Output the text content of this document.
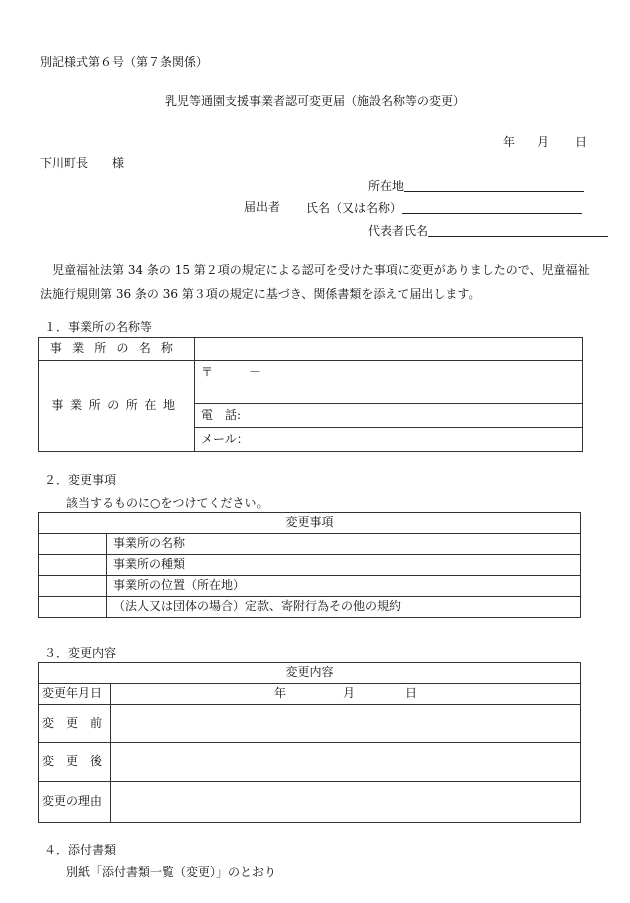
別記様式第６号（第７条関係）
乳児等通園支援事業者認可変更届（施設名称等の変更）
年 月 日
下川町長　　様
所在地
届出者 氏名（又は名称）
代表者氏名
児童福祉法第 34 条の 15 第２項の規定による認可を受けた事項に変更がありましたので、児童福祉法施行規則第 36 条の 36 第３項の規定に基づき、関係書類を添えて届出します。
１．事業所の名称等
事業所の名称	
事業所の所在地	〒　　　－
	電　話:
	メール：
２．変更事項
該当するものに○をつけてください。
変更事項	
	事業所の名称
	事業所の種類
	事業所の位置（所在地）
	（法人又は団体の場合）定款、寄附行為その他の規約
３．変更内容
変更内容	
変更年月日	年 月 日

変　更　前	
変　更　後	
変更の理由	
４．添付書類
別紙「添付書類一覧（変更）」のとおり
